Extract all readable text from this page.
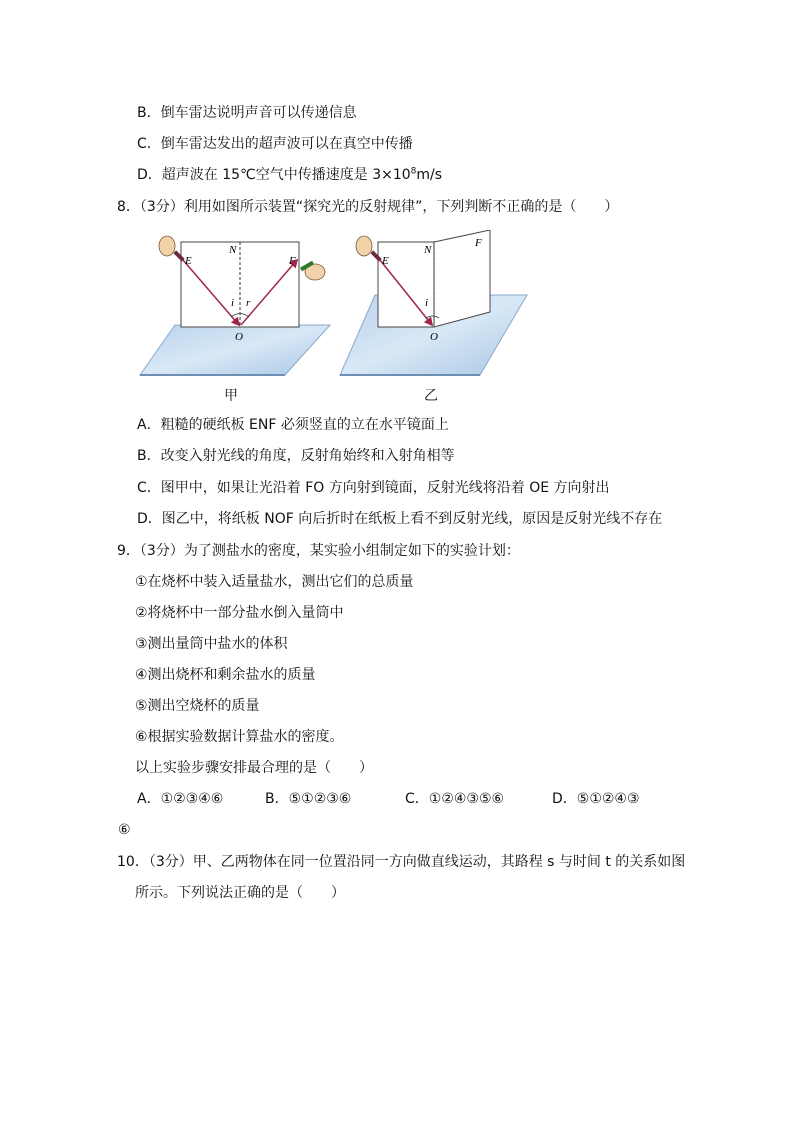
B．倒车雷达说明声音可以传递信息
C．倒车雷达发出的超声波可以在真空中传播
D．超声波在 15℃空气中传播速度是 $3\times 10^8m/s$
8．（3分）利用如图所示装置“探究光的反射规律”，下列判断不正确的是（　　）
E
N
F
i r
O
E
N
F
i
O
甲	乙
A．粗糙的硬纸板 ENF 必须竖直的立在水平镜面上
B．改变入射光线的角度，反射角始终和入射角相等
C．图甲中，如果让光沿着 FO 方向射到镜面，反射光线将沿着 OE 方向射出
D．图乙中，将纸板 NOF 向后折时在纸板上看不到反射光线，原因是反射光线不存在
9．（3分）为了测盐水的密度，某实验小组制定如下的实验计划：
①在烧杯中装入适量盐水，测出它们的总质量
②将烧杯中一部分盐水倒入量筒中
③测出量筒中盐水的体积
④测出烧杯和剩余盐水的质量
⑤测出空烧杯的质量
⑥根据实验数据计算盐水的密度。
以上实验步骤安排最合理的是（　　）
A．①②③④⑥	B．⑤①②③⑥	C．①②④③⑤⑥	D．⑤①②④③
⑥
10．（3分）甲、乙两物体在同一位置沿同一方向做直线运动，其路程 s 与时间 t 的关系如图
所示。下列说法正确的是（　　）
